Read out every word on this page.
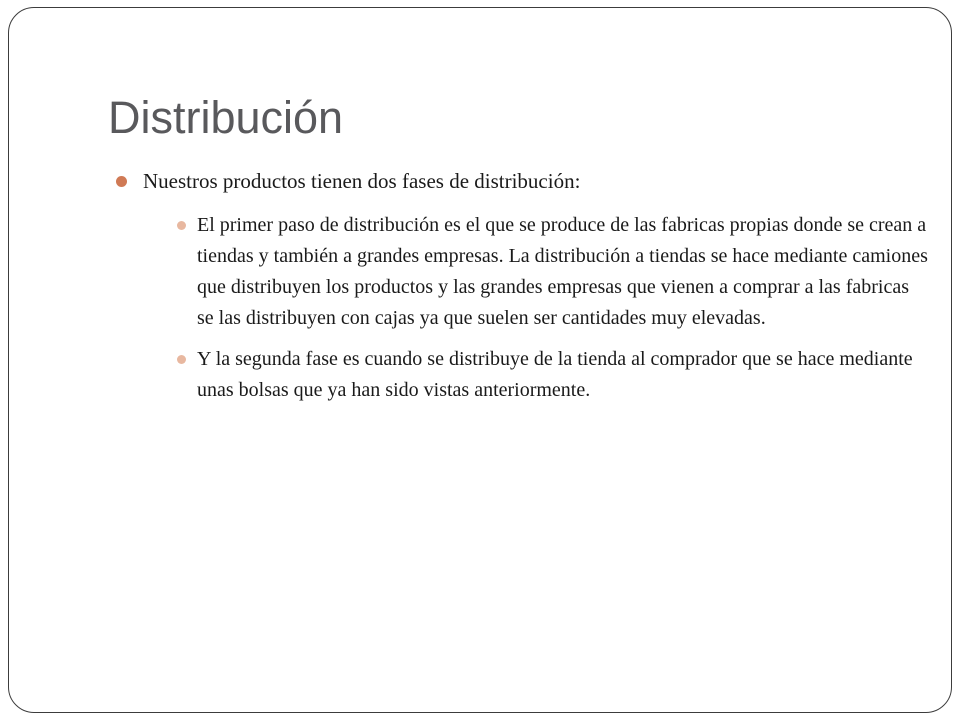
Distribución

Nuestros productos tienen dos fases de distribución:

El primer paso de distribución es el que se produce de las fabricas propias donde se crean a tiendas y también a grandes empresas. La distribución a tiendas se hace mediante camiones que distribuyen los productos y las grandes empresas que vienen a comprar a las fabricas se las distribuyen con cajas ya que suelen ser cantidades muy elevadas.

Y la segunda fase es cuando se distribuye de la tienda al comprador que se hace mediante unas bolsas que ya han sido vistas anteriormente.
